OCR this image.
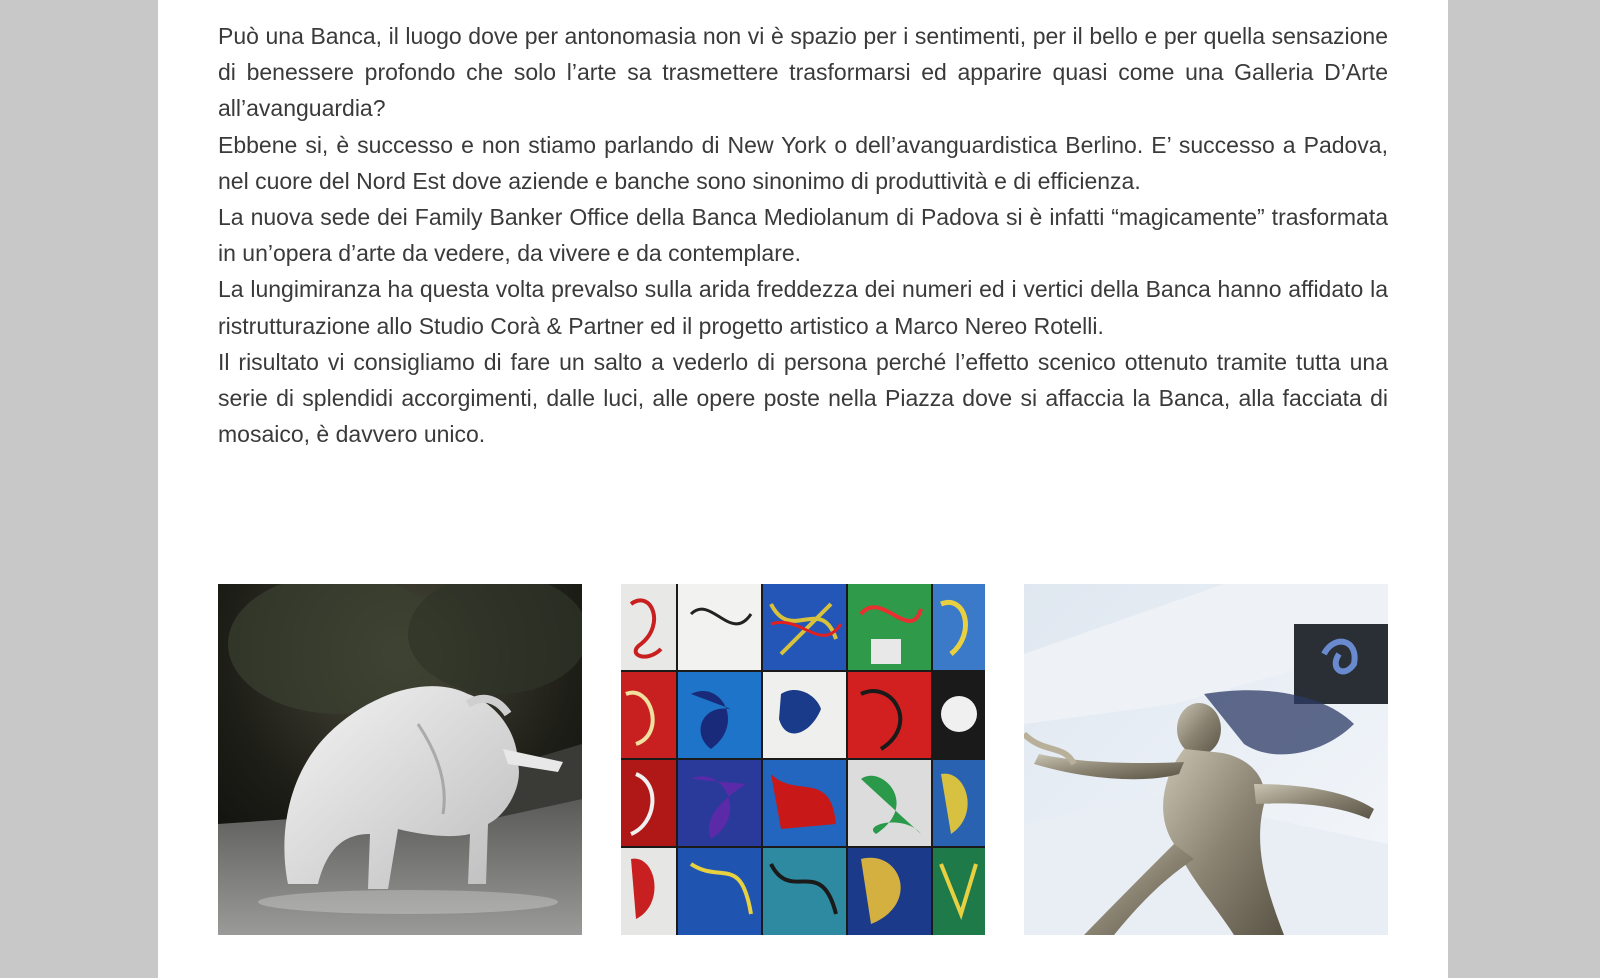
Può una Banca, il luogo dove per antonomasia non vi è spazio per i sentimenti, per il bello e per quella sensazione di benessere profondo che solo l’arte sa trasmettere trasformarsi ed apparire quasi come una Galleria D’Arte all’avanguardia?

Ebbene si, è successo e non stiamo parlando di New York o dell’avanguardistica Berlino. E’ successo a Padova, nel cuore del Nord Est dove aziende e banche sono sinonimo di produttività e di efficienza.

La nuova sede dei Family Banker Office della Banca Mediolanum di Padova si è infatti “magicamente” trasformata in un’opera d’arte da vedere, da vivere e da contemplare.

La lungimiranza ha questa volta prevalso sulla arida freddezza dei numeri ed i vertici della Banca hanno affidato la ristrutturazione allo Studio Corà & Partner ed il progetto artistico a Marco Nereo Rotelli.

Il risultato vi consigliamo di fare un salto a vederlo di persona perché l’effetto scenico ottenuto tramite tutta una serie di splendidi accorgimenti, dalle luci, alle opere poste nella Piazza dove si affaccia la Banca, alla facciata di mosaico, è davvero unico.
